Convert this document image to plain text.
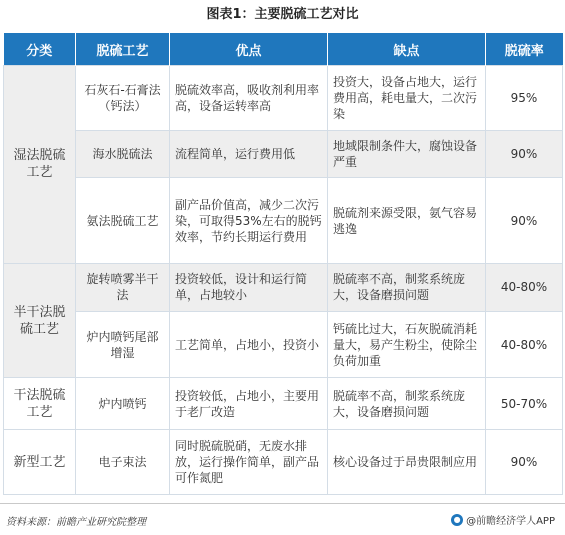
图表1：主要脱硫工艺对比
分类	脱硫工艺	优点	缺点	脱硫率
湿法脱硫工艺	石灰石-石膏法（钙法）	脱硫效率高，吸收剂利用率高，设备运转率高	投资大，设备占地大，运行费用高，耗电量大，二次污染	95%
	海水脱硫法	流程简单，运行费用低	地域限制条件大，腐蚀设备严重	90%
	氨法脱硫工艺	副产品价值高，减少二次污染，可取得53%左右的脱钙效率，节约长期运行费用	脱硫剂来源受限，氨气容易逃逸	90%
半干法脱硫工艺	旋转喷雾半干法	投资较低，设计和运行简单，占地较小	脱硫率不高，制浆系统庞大，设备磨损问题	40-80%
	炉内喷钙尾部增湿	工艺简单，占地小，投资小	钙硫比过大，石灰脱硫消耗量大，易产生粉尘，使除尘负荷加重	40-80%
干法脱硫工艺	炉内喷钙	投资较低，占地小，主要用于老厂改造	脱硫率不高，制浆系统庞大，设备磨损问题	50-70%
新型工艺	电子束法	同时脱硫脱硝，无废水排放，运行操作简单，副产品可作氮肥	核心设备过于昂贵限制应用	90%
资料来源：前瞻产业研究院整理	● @前瞻经济学人APP
